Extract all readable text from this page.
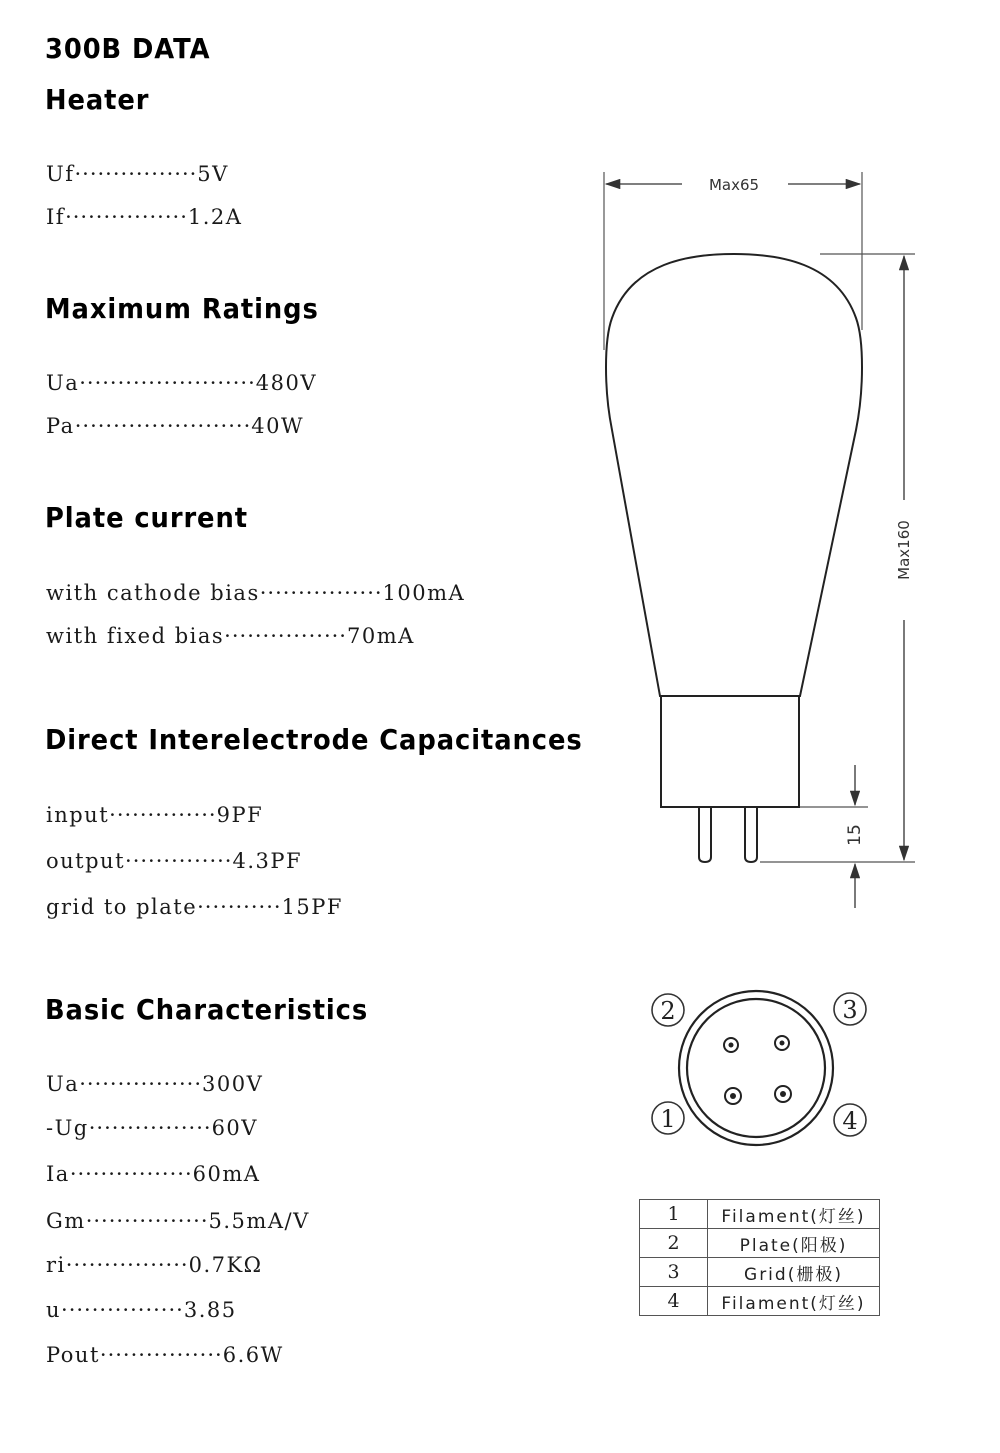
300B DATA
Heater
Maximum Ratings
Plate current
Direct Interelectrode Capacitances
Basic Characteristics
Uf················5V
If················1.2A
Ua·······················480V
Pa·······················40W
with cathode bias················100mA
with fixed bias················70mA
input··············9PF
output··············4.3PF
grid to plate···········15PF
Ua················300V
-Ug················60V
Ia················60mA
Gm················5.5mA/V
ri················0.7KΩ
u················3.85
Pout················6.6W
Max65
Max160
15
2	3
1	4
1	Filament(灯丝)
2	Plate(阳极)
3	Grid(栅极)
4	Filament(灯丝)
